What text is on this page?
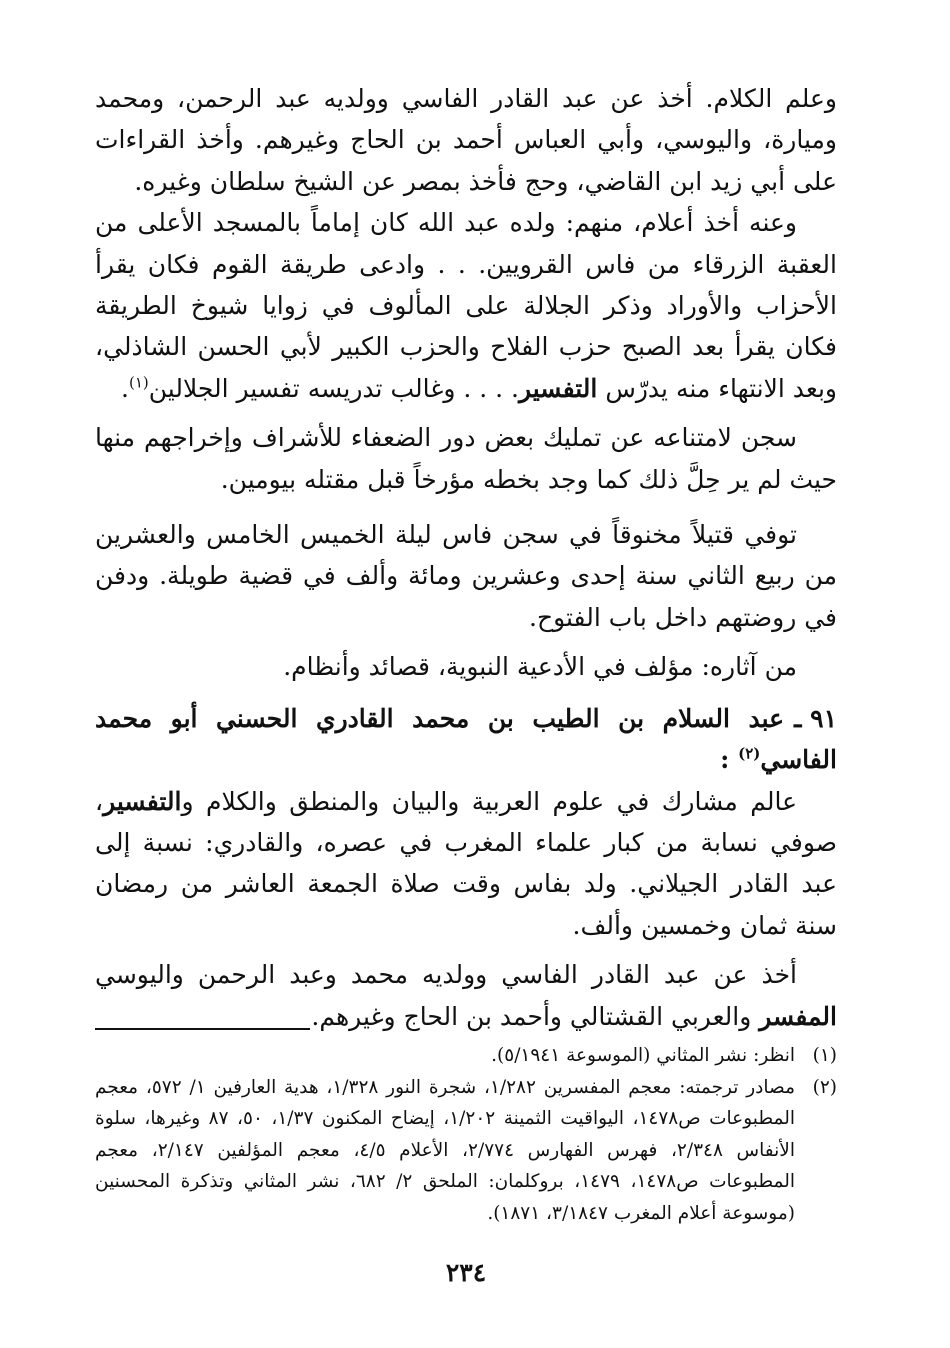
وعلم الكلام. أخذ عن عبد القادر الفاسي وولديه عبد الرحمن، ومحمد وميارة، واليوسي، وأبي العباس أحمد بن الحاج وغيرهم. وأخذ القراءات على أبي زيد ابن القاضي، وحج فأخذ بمصر عن الشيخ سلطان وغيره.

وعنه أخذ أعلام، منهم: ولده عبد الله كان إماماً بالمسجد الأعلى من العقبة الزرقاء من فاس القرويين. . . وادعى طريقة القوم فكان يقرأ الأحزاب والأوراد وذكر الجلالة على المألوف في زوايا شيوخ الطريقة فكان يقرأ بعد الصبح حزب الفلاح والحزب الكبير لأبي الحسن الشاذلي، وبعد الانتهاء منه يدرّس التفسير. . . . وغالب تدريسه تفسير الجلالين$^{(١)}$.

سجن لامتناعه عن تمليك بعض دور الضعفاء للأشراف وإخراجهم منها حيث لم ير حِلَّ ذلك كما وجد بخطه مؤرخاً قبل مقتله بيومين.

توفي قتيلاً مخنوقاً في سجن فاس ليلة الخميس الخامس والعشرين من ربيع الثاني سنة إحدى وعشرين ومائة وألف في قضية طويلة. ودفن في روضتهم داخل باب الفتوح.

من آثاره: مؤلف في الأدعية النبوية، قصائد وأنظام.

٩١ ـعبد السلام بن الطيب بن محمد القادري الحسني أبو محمد الفاسي$^{(٢)}$ :

عالم مشارك في علوم العربية والبيان والمنطق والكلام والتفسير، صوفي نسابة من كبار علماء المغرب في عصره، والقادري: نسبة إلى عبد القادر الجيلاني. ولد بفاس وقت صلاة الجمعة العاشر من رمضان سنة ثمان وخمسين وألف.

أخذ عن عبد القادر الفاسي وولديه محمد وعبد الرحمن واليوسي المفسر والعربي القشتالي وأحمد بن الحاج وغيرهم.

(١)
انظر: نشر المثاني (الموسوعة ٥/١٩٤١).
(٢)
مصادر ترجمته: معجم المفسرين ١/٢٨٢، شجرة النور ١/٣٢٨، هدية العارفين ١/ ٥٧٢، معجم المطبوعات ص١٤٧٨، اليواقيت الثمينة ١/٢٠٢، إيضاح المكنون ١/٣٧، ٥٠، ٨٧ وغيرها، سلوة الأنفاس ٢/٣٤٨، فهرس الفهارس ٢/٧٧٤، الأعلام ٤/٥، معجم المؤلفين ٢/١٤٧، معجم المطبوعات ص١٤٧٨، ١٤٧٩، بروكلمان: الملحق ٢/ ٦٨٢، نشر المثاني وتذكرة المحسنين (موسوعة أعلام المغرب ٣/١٨٤٧، ١٨٧١).
٢٣٤
